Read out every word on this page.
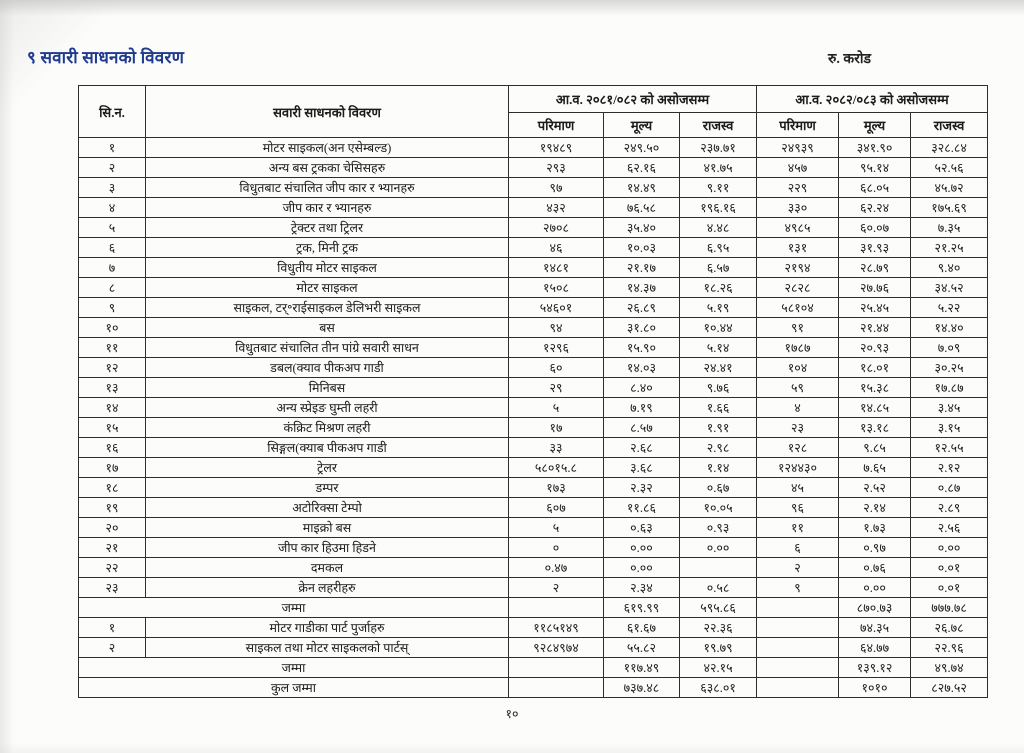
९ सवारी साधनको विवरण	रु. करोड
सि.न.	सवारी साधनको विवरण	आ.व. २०८१/०८२ को असोजसम्म			आ.व. २०८२/०८३ को असोजसम्म		
		परिमाण	मूल्य	राजस्व	परिमाण	मूल्य	राजस्व
१	मोटर साइकल(अन एसेम्बल्ड)	१९४८९	२४९.५०	२३७.७१	२४९३९	३४१.९०	३२८.८४
२	अन्य बस ट्रकका चेसिसहरु	२९३	६२.१६	४१.७५	४५७	९५.१४	५२.५६
३	विधुतबाट संचालित जीप कार र भ्यानहरु	९७	१४.४९	९.११	२२९	६८.०५	४५.७२
४	जीप कार र भ्यानहरु	४३२	७६.५८	१९६.१६	३३०	६२.२४	१७५.६९
५	ट्रेक्टर तथा ट्रिलर	२७०८	३५.४०	४.४८	४९८५	६०.०७	७.३५
६	ट्रक, मिनी ट्रक	४६	१०.०३	६.९५	१३१	३१.९३	२१.२५
७	विधुतीय मोटर साइकल	१४८१	२१.१७	६.५७	२१९४	२८.७९	९.४०
८	मोटर साइकल	१५०८	१४.३७	१८.२६	२८२८	२७.७६	३४.५२
९	साइकल, टर्॰राईसाइकल डेलिभरी साइकल	५४६०१	२६.८९	५.१९	५८१०४	२५.४५	५.२२
१०	बस	९४	३१.८०	१०.४४	९१	२१.४४	१४.४०
११	विधुतबाट संचालित तीन पांग्रे सवारी साधन	१२९६	१५.९०	५.१४	१७८७	२०.९३	७.०९
१२	डबल(क्याव पीकअप गाडी	६०	१४.०३	२४.४१	१०४	१८.०१	३०.२५
१३	मिनिबस	२९	८.४०	९.७६	५९	१५.३८	१७.८७
१४	अन्य स्प्रेइङ घुम्ती लहरी	५	७.१९	१.६६	४	१४.८५	३.४५
१५	कंक्रिट मिश्रण लहरी	१७	८.५७	१.९१	२३	१३.१८	३.१५
१६	सिङ्गल(क्याब पीकअप गाडी	३३	२.६८	२.९८	१२८	९.८५	१२.५५
१७	ट्रेलर	५८०१५.८	३.६८	१.१४	१२४४३०	७.६५	२.१२
१८	डम्पर	१७३	२.३२	०.६७	४५	२.५२	०.८७
१९	अटोरिक्सा टेम्पो	६०७	११.८६	१०.०५	९६	२.१४	२.८९
२०	माइक्रो बस	५	०.६३	०.९३	११	१.७३	२.५६
२१	जीप कार हिउमा हिडने	०	०.००	०.००	६	०.९७	०.००
२२	दमकल	०.४७	०.००		२	०.७६	०.०१
२३	क्रेन लहरीहरु	२	२.३४	०.५८	९	०.००	०.०१
जम्मा			६१९.९९	५९५.८६		८७०.७३	७७७.७८
१	मोटर गाडीका पार्ट पुर्जाहरु	११८५१४९	६१.६७	२२.३६		७४.३५	२६.७८
२	साइकल तथा मोटर साइकलको पार्टस्	९२८४९७४	५५.८२	१९.७९		६४.७७	२२.९६
जम्मा			११७.४९	४२.१५		१३९.१२	४९.७४
कुल जम्मा			७३७.४८	६३८.०१		१०१०	८२७.५२
१०
